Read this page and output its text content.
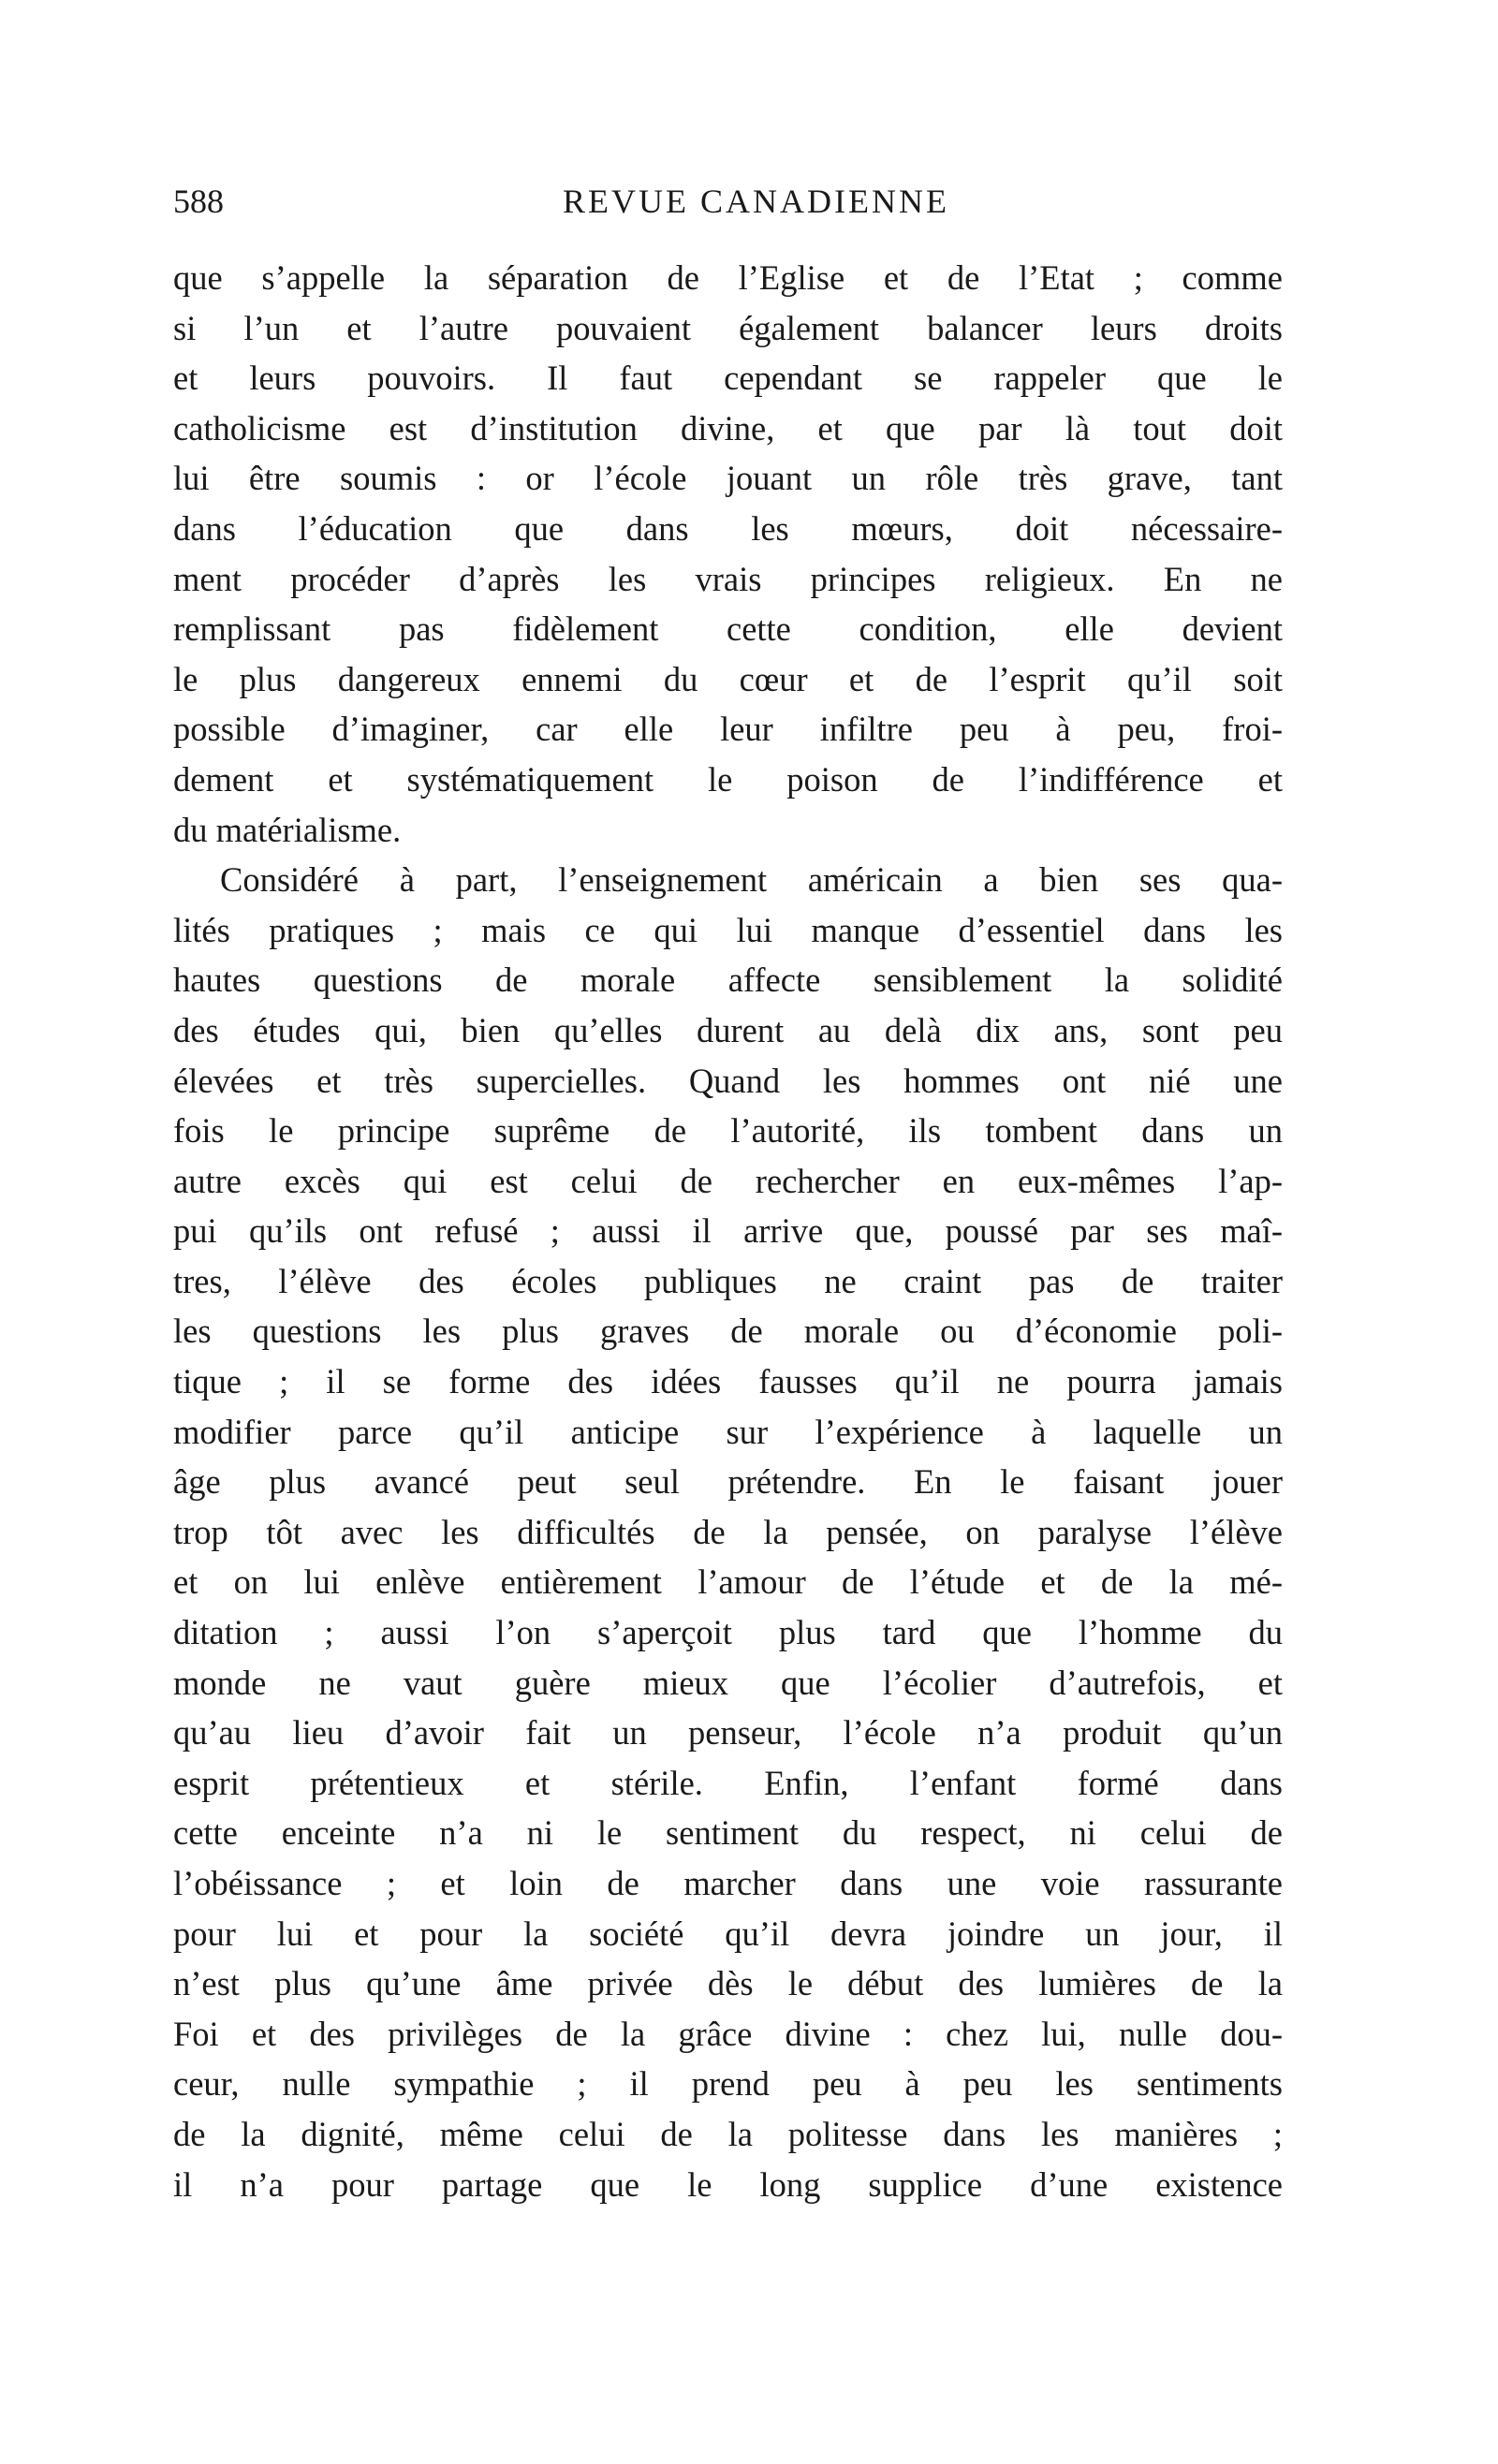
588	REVUE CANADIENNE
que s’appelle la séparation de l’Eglise et de l’Etat ; comme
si l’un et l’autre pouvaient également balancer leurs droits
et leurs pouvoirs. Il faut cependant se rappeler que le
catholicisme est d’institution divine, et que par là tout doit
lui être soumis : or l’école jouant un rôle très grave, tant
dans l’éducation que dans les mœurs, doit nécessaire-
ment procéder d’après les vrais principes religieux. En ne
remplissant pas fidèlement cette condition, elle devient
le plus dangereux ennemi du cœur et de l’esprit qu’il soit
possible d’imaginer, car elle leur infiltre peu à peu, froi-
dement et systématiquement le poison de l’indifférence et
du matérialisme.
Considéré à part, l’enseignement américain a bien ses qua-
lités pratiques ; mais ce qui lui manque d’essentiel dans les
hautes questions de morale affecte sensiblement la solidité
des études qui, bien qu’elles durent au delà dix ans, sont peu
élevées et très supercielles. Quand les hommes ont nié une
fois le principe suprême de l’autorité, ils tombent dans un
autre excès qui est celui de rechercher en eux-mêmes l’ap-
pui qu’ils ont refusé ; aussi il arrive que, poussé par ses maî-
tres, l’élève des écoles publiques ne craint pas de traiter
les questions les plus graves de morale ou d’économie poli-
tique ; il se forme des idées fausses qu’il ne pourra jamais
modifier parce qu’il anticipe sur l’expérience à laquelle un
âge plus avancé peut seul prétendre. En le faisant jouer
trop tôt avec les difficultés de la pensée, on paralyse l’élève
et on lui enlève entièrement l’amour de l’étude et de la mé-
ditation ; aussi l’on s’aperçoit plus tard que l’homme du
monde ne vaut guère mieux que l’écolier d’autrefois, et
qu’au lieu d’avoir fait un penseur, l’école n’a produit qu’un
esprit prétentieux et stérile. Enfin, l’enfant formé dans
cette enceinte n’a ni le sentiment du respect, ni celui de
l’obéissance ; et loin de marcher dans une voie rassurante
pour lui et pour la société qu’il devra joindre un jour, il
n’est plus qu’une âme privée dès le début des lumières de la
Foi et des privilèges de la grâce divine : chez lui, nulle dou-
ceur, nulle sympathie ; il prend peu à peu les sentiments
de la dignité, même celui de la politesse dans les manières ;
il n’a pour partage que le long supplice d’une existence
